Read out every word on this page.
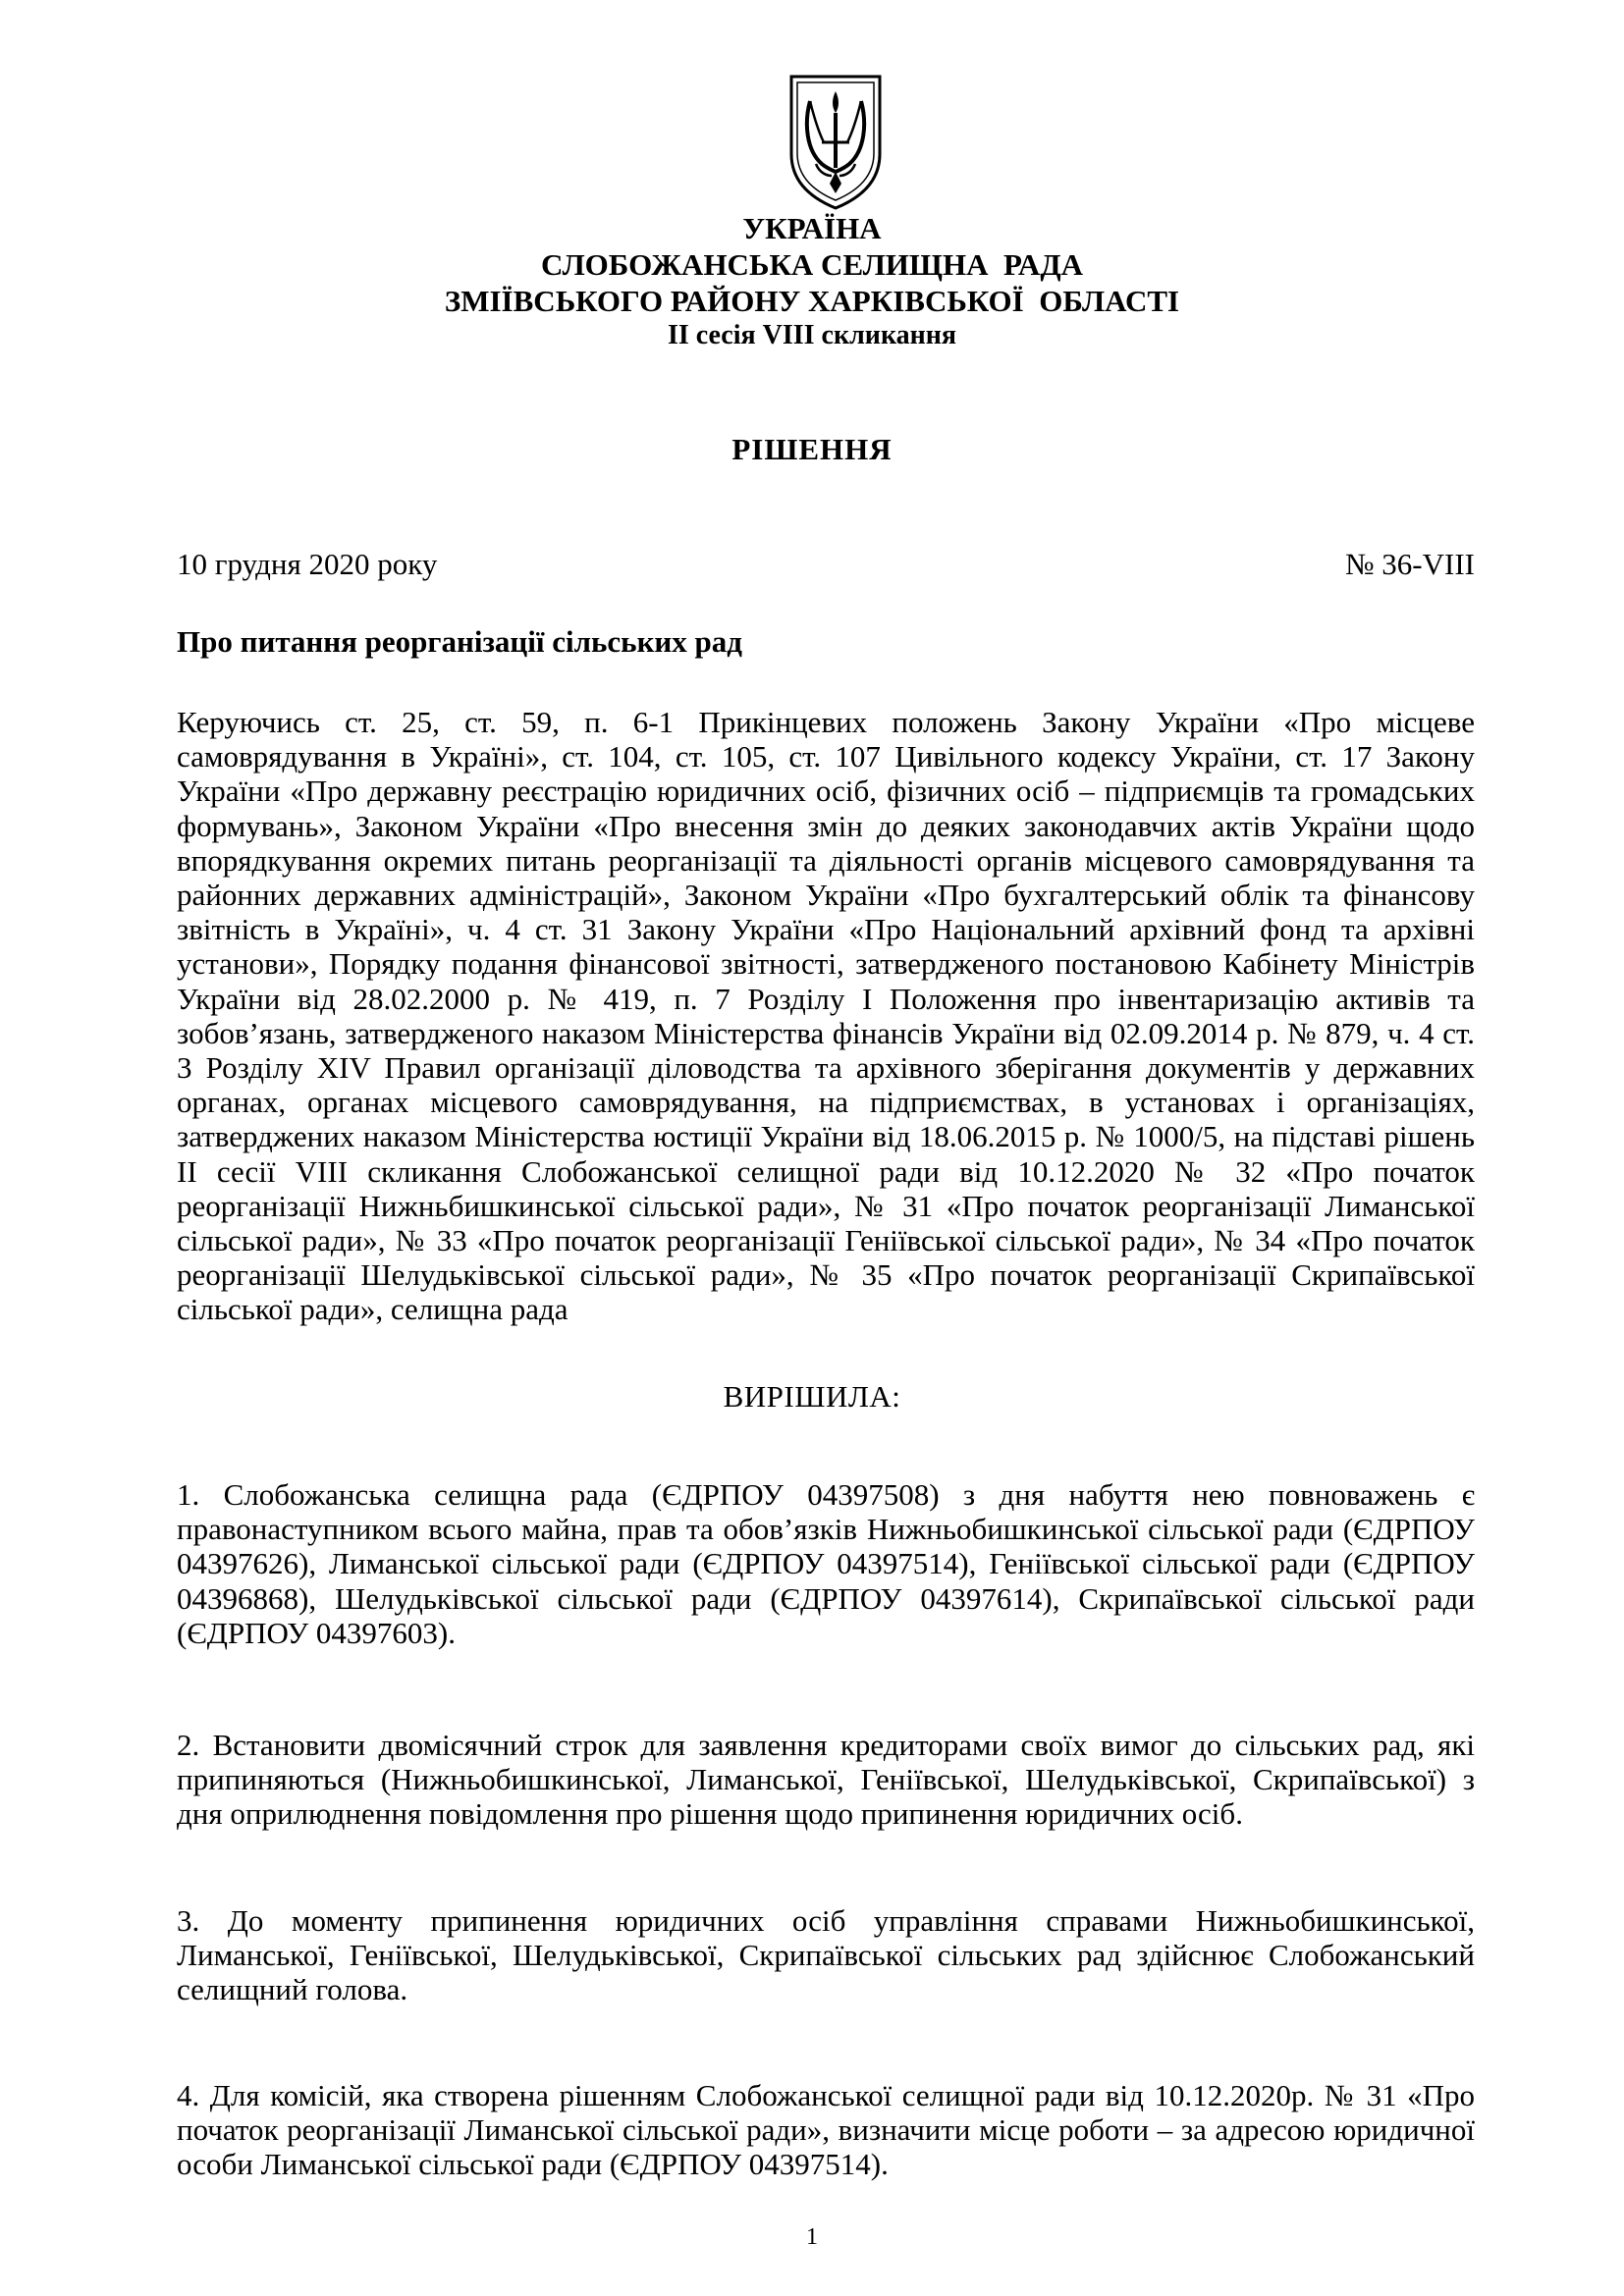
УКРАЇНА
СЛОБОЖАНСЬКА СЕЛИЩНА  РАДА
ЗМІЇВСЬКОГО РАЙОНУ ХАРКІВСЬКОЇ  ОБЛАСТІ
ІІ сесія VIII скликання
РІШЕННЯ
10 грудня 2020 року	№ 36-VIII
Про питання реорганізації сільських рад
Керуючись ст. 25, ст. 59, п. 6-1 Прикінцевих положень Закону України «Про місцеве самоврядування в Україні», ст. 104, ст. 105, ст. 107 Цивільного кодексу України, ст. 17 Закону України «Про державну реєстрацію юридичних осіб, фізичних осіб – підприємців та громадських формувань», Законом України «Про внесення змін до деяких законодавчих актів України щодо впорядкування окремих питань реорганізації та діяльності органів місцевого самоврядування та районних державних адміністрацій», Законом України «Про бухгалтерський облік та фінансову звітність в Україні», ч. 4 ст. 31 Закону України «Про Національний архівний фонд та архівні установи», Порядку подання фінансової звітності, затвердженого постановою Кабінету Міністрів України від 28.02.2000 р. № 419, п. 7 Розділу I Положення про інвентаризацію активів та зобов’язань, затвердженого наказом Міністерства фінансів України від 02.09.2014 р. № 879, ч. 4 ст. 3 Розділу XIV Правил організації діловодства та архівного зберігання документів у державних органах, органах місцевого самоврядування, на підприємствах, в установах і організаціях, затверджених наказом Міністерства юстиції України від 18.06.2015 р. № 1000/5, на підставі рішень ІІ сесії VIII скликання Слобожанської селищної ради від 10.12.2020 № 32 «Про початок реорганізації Нижньбишкинської сільської ради», № 31 «Про початок реорганізації Лиманської сільської ради», № 33 «Про початок реорганізації Геніївської сільської ради», № 34 «Про початок реорганізації Шелудьківської сільської ради», № 35 «Про початок реорганізації Скрипаївської сільської ради», селищна рада
ВИРІШИЛА:
1. Слобожанська селищна рада (ЄДРПОУ 04397508) з дня набуття нею повноважень є правонаступником всього майна, прав та обов’язків Нижньобишкинської сільської ради (ЄДРПОУ 04397626), Лиманської сільської ради (ЄДРПОУ 04397514), Геніївської сільської ради (ЄДРПОУ 04396868), Шелудьківської сільської ради (ЄДРПОУ 04397614), Скрипаївської сільської ради (ЄДРПОУ 04397603).
2. Встановити двомісячний строк для заявлення кредиторами своїх вимог до сільських рад, які припиняються (Нижньобишкинської, Лиманської, Геніївської, Шелудьківської, Скрипаївської) з дня оприлюднення повідомлення про рішення щодо припинення юридичних осіб.
3. До моменту припинення юридичних осіб управління справами Нижньобишкинської, Лиманської, Геніївської, Шелудьківської, Скрипаївської сільських рад здійснює Слобожанський селищний голова.
4. Для комісій, яка створена рішенням Слобожанської селищної ради від 10.12.2020р. № 31 «Про початок реорганізації Лиманської сільської ради», визначити місце роботи – за адресою юридичної особи Лиманської сільської ради (ЄДРПОУ 04397514).
1
